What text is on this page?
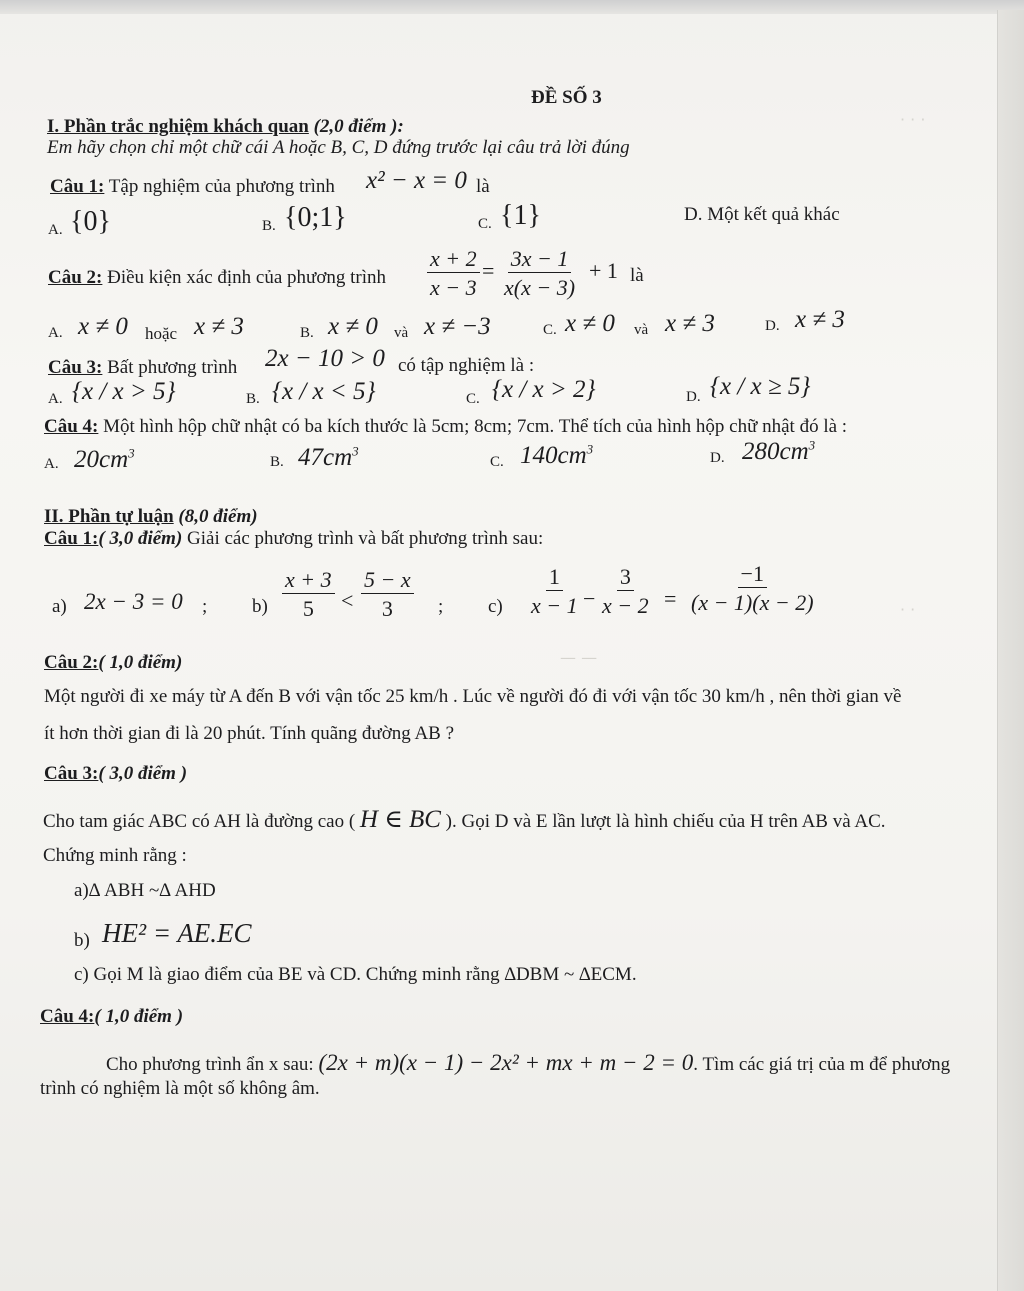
· · ·
— —
· ·
ĐỀ SỐ 3
I. Phần trắc nghiệm khách quan (2,0 điểm ):
Em hãy chọn chỉ một chữ cái A hoặc B, C, D đứng trước lại câu trả lời đúng
Câu 1: Tập nghiệm của phương trình x² − x = 0 là
A. {0}	B. {0;1}	C. {1}	D. Một kết quả khác
Câu 2: Điều kiện xác định của phương trình $\frac{x + 2}{x - 3} = \frac{3x - 1}{x(x - 3)} + 1$ là
A. x ≠ 0 hoặc x ≠ 3	B. x ≠ 0 và x ≠ −3	C. x ≠ 0 và x ≠ 3	D. x ≠ 3
Câu 3: Bất phương trình 2x − 10 > 0 có tập nghiệm là :
A. {x / x > 5}	B. {x / x < 5}	C. {x / x > 2}	D. {x / x ≥ 5}
Câu 4: Một hình hộp chữ nhật có ba kích thước là 5cm; 8cm; 7cm. Thể tích của hình hộp chữ nhật đó là :
A. $20cm^3$
B. $47cm^3$
C. $140cm^3$
D. $280cm^3$
II. Phần tự luận (8,0 điểm)
Câu 1:( 3,0 điểm) Giải các phương trình và bất phương trình sau:
a) 2x − 3 = 0 ; $b) \frac{x + 3}{5} < \frac{5 - x}{3}$ ; $c) \frac{1}{x - 1} - \frac{3}{x - 2} = \frac{-1}{(x - 1)(x - 2)}$
Câu 2:( 1,0 điểm)
Một người đi xe máy từ A đến B với vận tốc 25 km/h . Lúc về người đó đi với vận tốc 30 km/h , nên thời gian về
ít hơn thời gian đi là 20 phút. Tính quãng đường AB ?
Câu 3:( 3,0 điểm )
Cho tam giác ABC có AH là đường cao ( H ∈ BC ). Gọi D và E lần lượt là hình chiếu của H trên AB và AC.
Chứng minh rằng :
a)∆ ABH ~∆ AHD
b) HE² = AE.EC
c) Gọi M là giao điểm của BE và CD. Chứng minh rằng ∆DBM ~ ∆ECM.
Câu 4:( 1,0 điểm )
Cho phương trình ẩn x sau: (2x + m)(x − 1) − 2x² + mx + m − 2 = 0. Tìm các giá trị của m để phương
trình có nghiệm là một số không âm.
